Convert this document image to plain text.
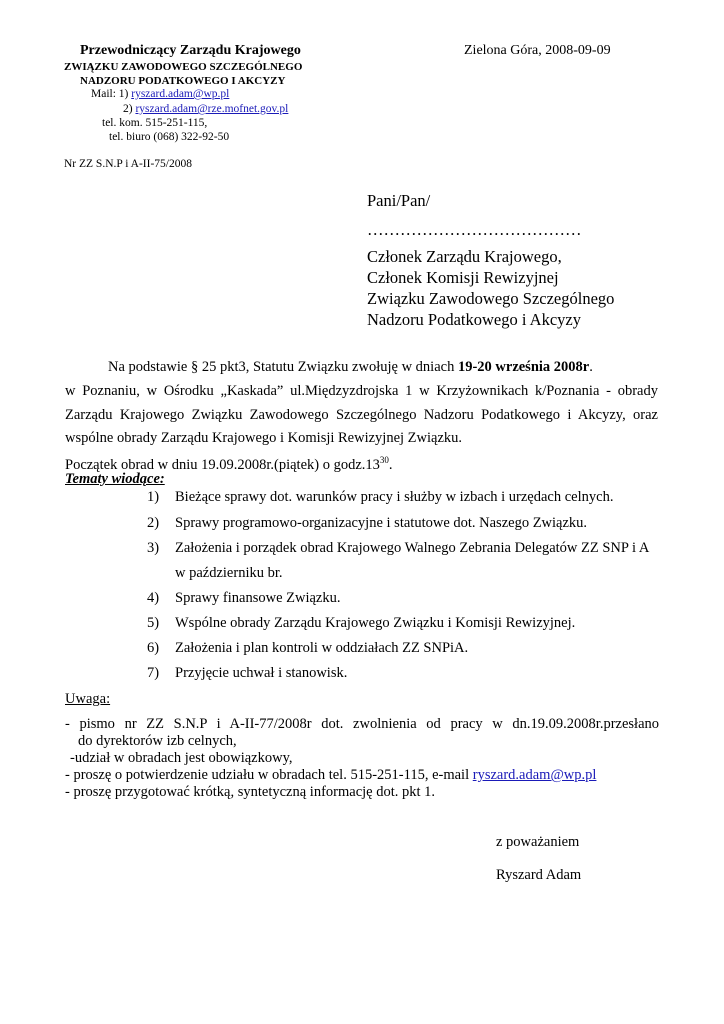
Przewodniczący Zarządu Krajowego
ZWIĄZKU ZAWODOWEGO SZCZEGÓLNEGO
NADZORU PODATKOWEGO I AKCYZY
Mail: 1) ryszard.adam@wp.pl
2) ryszard.adam@rze.mofnet.gov.pl
tel. kom. 515-251-115,
tel. biuro (068) 322-92-50
Zielona Góra, 2008-09-09
Nr ZZ S.N.P i A-II-75/2008
Pani/Pan/
…………………………………
Członek Zarządu Krajowego,
Członek Komisji Rewizyjnej
Związku Zawodowego Szczególnego
Nadzoru Podatkowego i Akcyzy
Na podstawie § 25 pkt3, Statutu Związku zwołuję w dniach 19-20 września 2008r.
w Poznaniu, w Ośrodku „Kaskada” ul.Międzyzdrojska 1 w Krzyżownikach k/Poznania - obrady Zarządu Krajowego Związku Zawodowego Szczególnego Nadzoru Podatkowego i Akcyzy, oraz wspólne obrady Zarządu Krajowego i Komisji Rewizyjnej Związku.
Początek obrad w dniu 19.09.2008r.(piątek) o $godz.13^{30}$.
Tematy wiodące:
1)	Bieżące sprawy dot. warunków pracy i służby w izbach i urzędach celnych.
2)	Sprawy programowo-organizacyjne i statutowe dot. Naszego Związku.
3)	Założenia i porządek obrad Krajowego Walnego Zebrania Delegatów ZZ SNP i A
w październiku br.
4)	Sprawy finansowe Związku.
5)	Wspólne obrady Zarządu Krajowego Związku i Komisji Rewizyjnej.
6)	Założenia i plan kontroli w oddziałach ZZ SNPiA.
7)	Przyjęcie uchwał i stanowisk.
Uwaga:
- pismo nr ZZ S.N.P i A-II-77/2008r dot. zwolnienia od pracy w dn.19.09.2008r.przesłano
do dyrektorów izb celnych,
-udział w obradach jest obowiązkowy,
- proszę o potwierdzenie udziału w obradach tel. 515-251-115, e-mail ryszard.adam@wp.pl
- proszę przygotować krótką, syntetyczną informację dot. pkt 1.
z poważaniem
Ryszard Adam
